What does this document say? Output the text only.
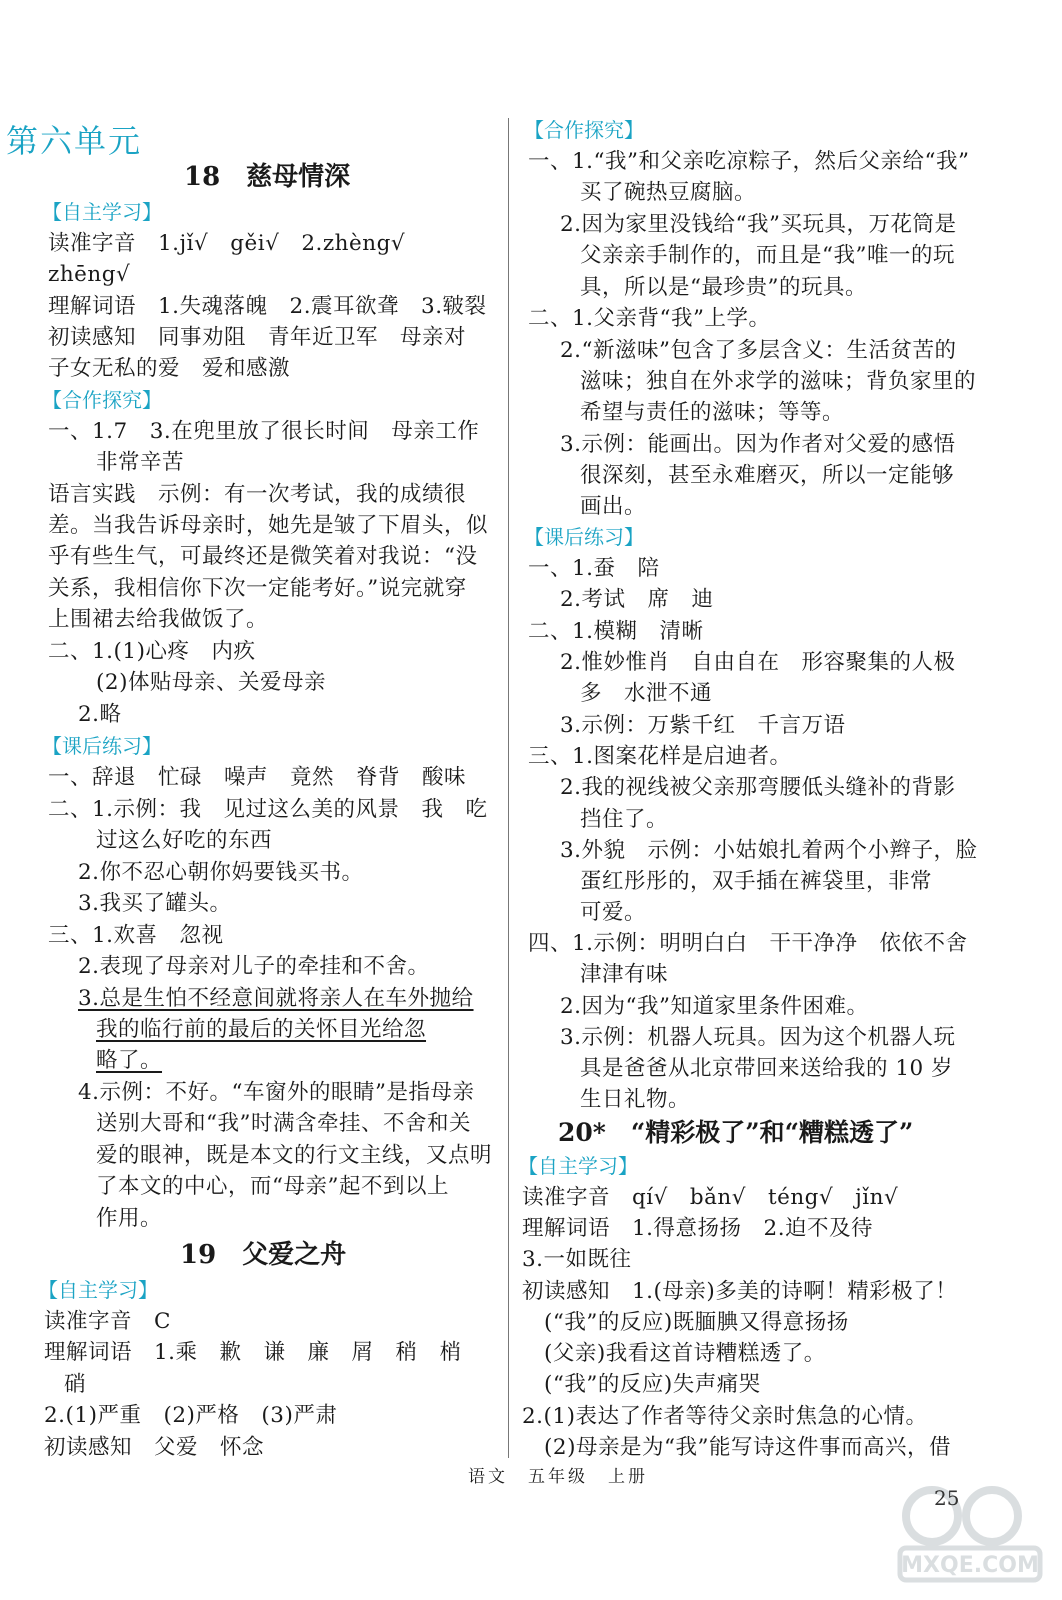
第六单元
18　慈母情深
【自主学习】
读准字音　1.jǐ√　gěi√　2.zhèng√
zhēng√
理解词语　1.失魂落魄　2.震耳欲聋　3.皲裂
初读感知　同事劝阻　青年近卫军　母亲对
子女无私的爱　爱和感激
【合作探究】
一、1.7　3.在兜里放了很长时间　母亲工作
非常辛苦
语言实践　示例：有一次考试，我的成绩很
差。当我告诉母亲时，她先是皱了下眉头，似
乎有些生气，可最终还是微笑着对我说：“没
关系，我相信你下次一定能考好。”说完就穿
上围裙去给我做饭了。
二、1.(1)心疼　内疚
(2)体贴母亲、关爱母亲
2.略
【课后练习】
一、辞退　忙碌　噪声　竟然　脊背　酸味
二、1.示例：我　见过这么美的风景　我　吃
过这么好吃的东西
2.你不忍心朝你妈要钱买书。
3.我买了罐头。
三、1.欢喜　忽视
2.表现了母亲对儿子的牵挂和不舍。
3.总是生怕不经意间就将亲人在车外抛给
我的临行前的最后的关怀目光给忽
略了。
4.示例：不好。“车窗外的眼睛”是指母亲
送别大哥和“我”时满含牵挂、不舍和关
爱的眼神，既是本文的行文主线，又点明
了本文的中心，而“母亲”起不到以上
作用。
19　父爱之舟
【自主学习】
读准字音　C
理解词语　1.乘　歉　谦　廉　屑　稍　梢
硝
2.(1)严重　(2)严格　(3)严肃
初读感知　父爱　怀念
【合作探究】
一、1.“我”和父亲吃凉粽子，然后父亲给“我”
买了碗热豆腐脑。
2.因为家里没钱给“我”买玩具，万花筒是
父亲亲手制作的，而且是“我”唯一的玩
具，所以是“最珍贵”的玩具。
二、1.父亲背“我”上学。
2.“新滋味”包含了多层含义：生活贫苦的
滋味；独自在外求学的滋味；背负家里的
希望与责任的滋味；等等。
3.示例：能画出。因为作者对父爱的感悟
很深刻，甚至永难磨灭，所以一定能够
画出。
【课后练习】
一、1.蚕　陪
2.考试　席　迪
二、1.模糊　清晰
2.惟妙惟肖　自由自在　形容聚集的人极
多　水泄不通
3.示例：万紫千红　千言万语
三、1.图案花样是启迪者。
2.我的视线被父亲那弯腰低头缝补的背影
挡住了。
3.外貌　示例：小姑娘扎着两个小辫子，脸
蛋红彤彤的，双手插在裤袋里，非常
可爱。
四、1.示例：明明白白　干干净净　依依不舍
津津有味
2.因为“我”知道家里条件困难。
3.示例：机器人玩具。因为这个机器人玩
具是爸爸从北京带回来送给我的 10 岁
生日礼物。
20*　“精彩极了”和“糟糕透了”
【自主学习】
读准字音　qí√　bǎn√　téng√　jǐn√
理解词语　1.得意扬扬　2.迫不及待
3.一如既往
初读感知　1.(母亲)多美的诗啊！精彩极了！
(“我”的反应)既腼腆又得意扬扬
(父亲)我看这首诗糟糕透了。
(“我”的反应)失声痛哭
2.(1)表达了作者等待父亲时焦急的心情。
(2)母亲是为“我”能写诗这件事而高兴，借
语文　五年级　上册
MXQE.COM
25
